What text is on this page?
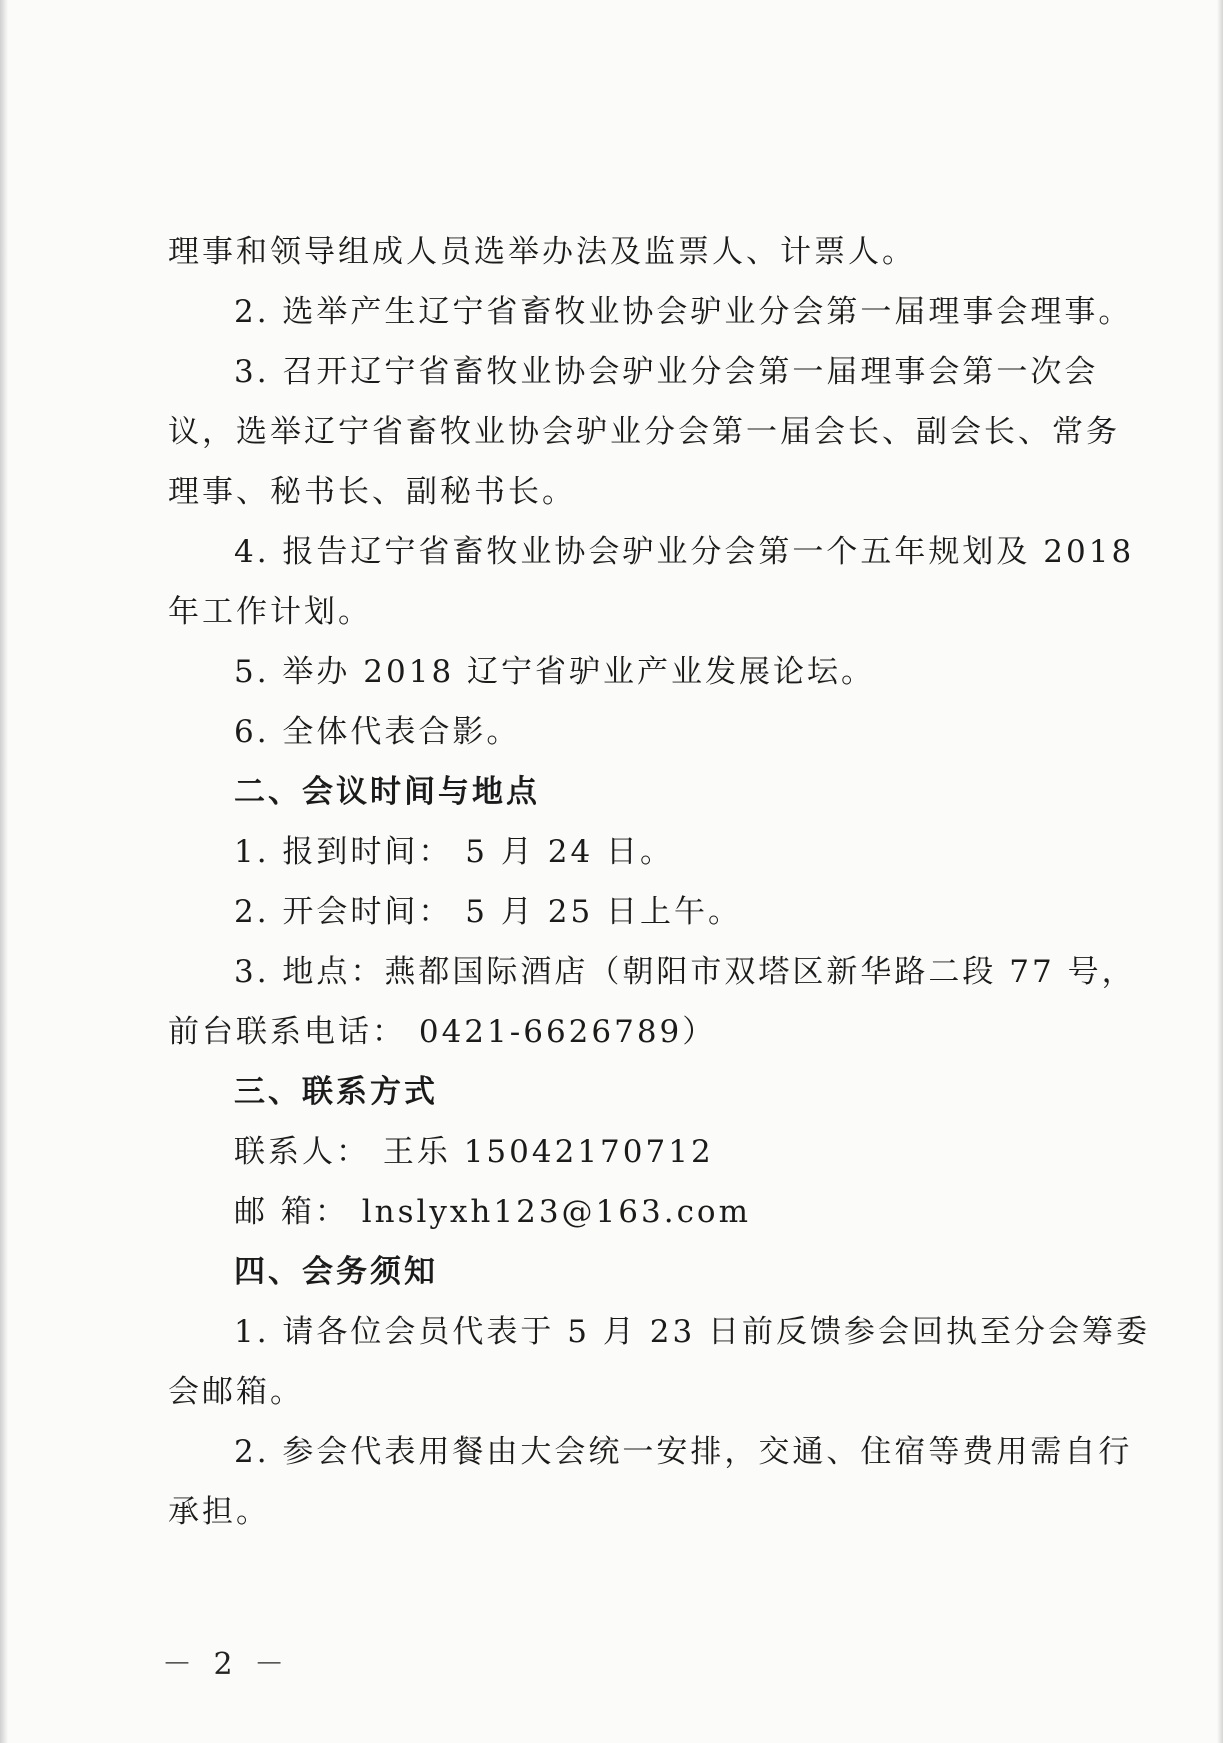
理事和领导组成人员选举办法及监票人、计票人。
2. 选举产生辽宁省畜牧业协会驴业分会第一届理事会理事。
3. 召开辽宁省畜牧业协会驴业分会第一届理事会第一次会
议，选举辽宁省畜牧业协会驴业分会第一届会长、副会长、常务
理事、秘书长、副秘书长。
4. 报告辽宁省畜牧业协会驴业分会第一个五年规划及 2018
年工作计划。
5. 举办 2018 辽宁省驴业产业发展论坛。
6. 全体代表合影。
二、会议时间与地点
1. 报到时间： 5 月 24 日。
2. 开会时间： 5 月 25 日上午。
3. 地点：燕都国际酒店（朝阳市双塔区新华路二段 77 号，
前台联系电话： 0421-6626789）
三、联系方式
联系人： 王乐 15042170712
邮 箱： lnslyxh123@163.com
四、会务须知
1. 请各位会员代表于 5 月 23 日前反馈参会回执至分会筹委
会邮箱。
2. 参会代表用餐由大会统一安排，交通、住宿等费用需自行
承担。
－ 2 －
